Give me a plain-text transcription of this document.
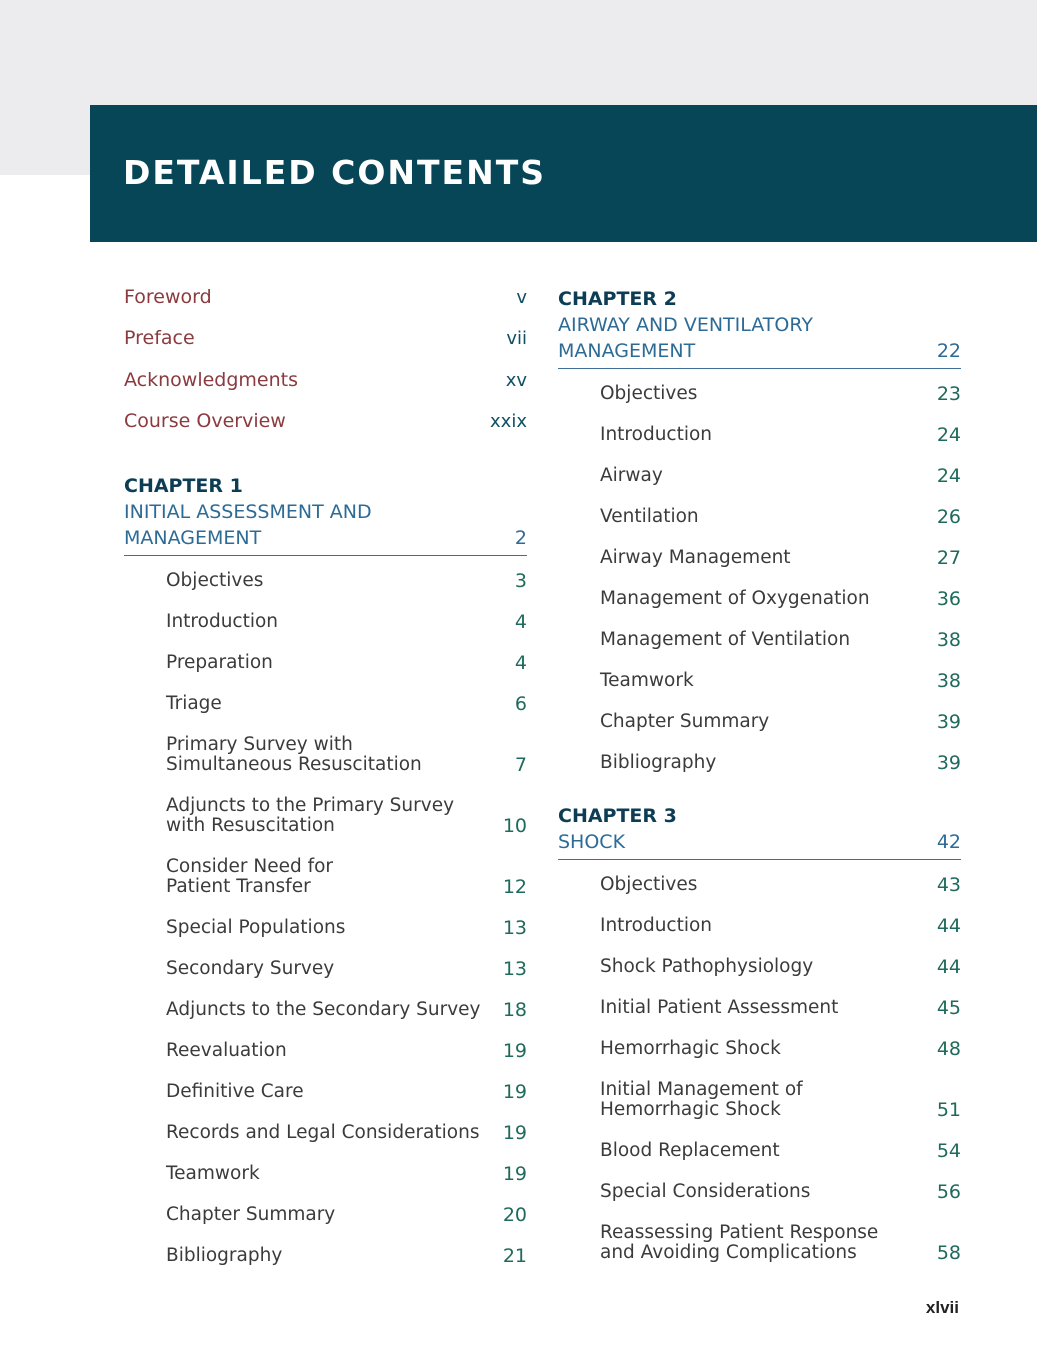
DETAILED CONTENTS
Foreword	v
Preface	vii
Acknowledgments	xv
Course Overview	xxix
CHAPTER 1
INITIAL ASSESSMENT AND
MANAGEMENT	2
Objectives	3
Introduction	4
Preparation	4
Triage	6
Primary Survey with
Simultaneous Resuscitation	7
Adjuncts to the Primary Survey
with Resuscitation	10
Consider Need for
Patient Transfer	12
Special Populations	13
Secondary Survey	13
Adjuncts to the Secondary Survey 18
Reevaluation	19
Definitive Care	19
Records and Legal Considerations 19
Teamwork	19
Chapter Summary	20
Bibliography	21
CHAPTER 2
AIRWAY AND VENTILATORY
MANAGEMENT	22
Objectives	23
Introduction	24
Airway	24
Ventilation	26
Airway Management	27
Management of Oxygenation	36
Management of Ventilation	38
Teamwork	38
Chapter Summary	39
Bibliography	39
CHAPTER 3
SHOCK	42
Objectives	43
Introduction	44
Shock Pathophysiology	44
Initial Patient Assessment	45
Hemorrhagic Shock	48
Initial Management of
Hemorrhagic Shock	51
Blood Replacement	54
Special Considerations	56
Reassessing Patient Response
and Avoiding Complications	58
xlvii
